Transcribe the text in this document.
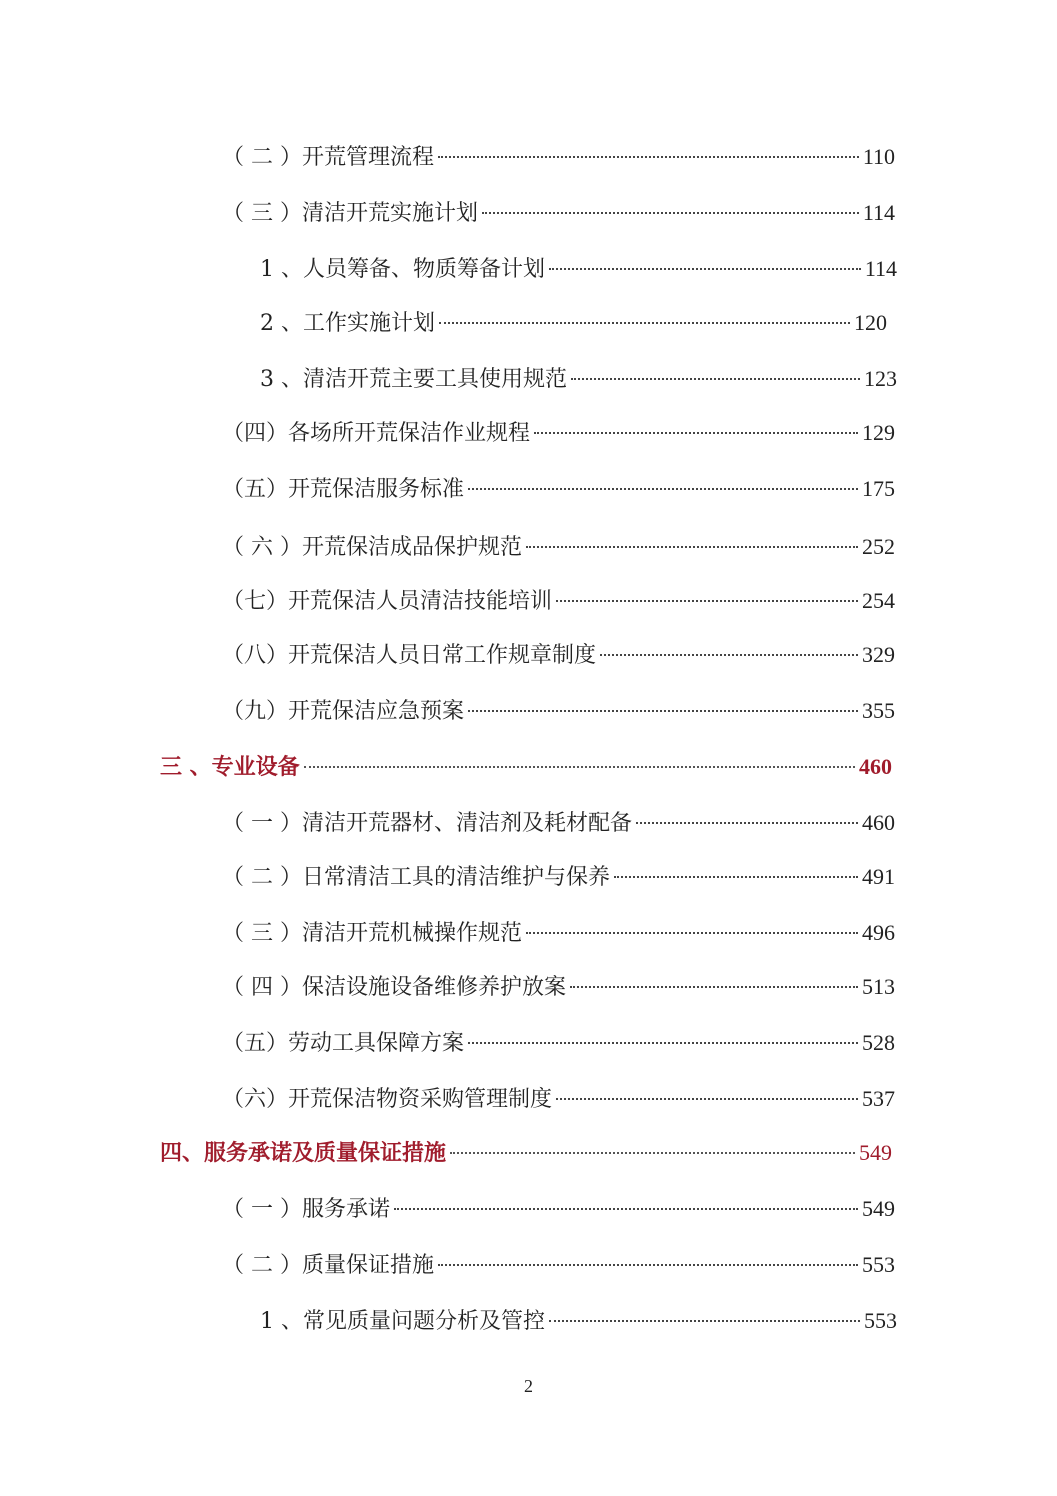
（ 二 ）开荒管理流程	110
（ 三 ）清洁开荒实施计划	114
1 、人员筹备、物质筹备计划	114
2 、工作实施计划	120
3 、清洁开荒主要工具使用规范	123
（四）各场所开荒保洁作业规程	129
（五）开荒保洁服务标准	175
（ 六 ）开荒保洁成品保护规范	252
（七）开荒保洁人员清洁技能培训	254
（八）开荒保洁人员日常工作规章制度	329
（九）开荒保洁应急预案	355
三 、专业设备	460
（ 一 ）清洁开荒器材、清洁剂及耗材配备	460
（ 二 ）日常清洁工具的清洁维护与保养	491
（ 三 ）清洁开荒机械操作规范	496
（ 四 ）保洁设施设备维修养护放案	513
（五）劳动工具保障方案	528
（六）开荒保洁物资采购管理制度	537
四、服务承诺及质量保证措施	549
（ 一 ）服务承诺	549
（ 二 ）质量保证措施	553
1 、常见质量问题分析及管控	553
2
